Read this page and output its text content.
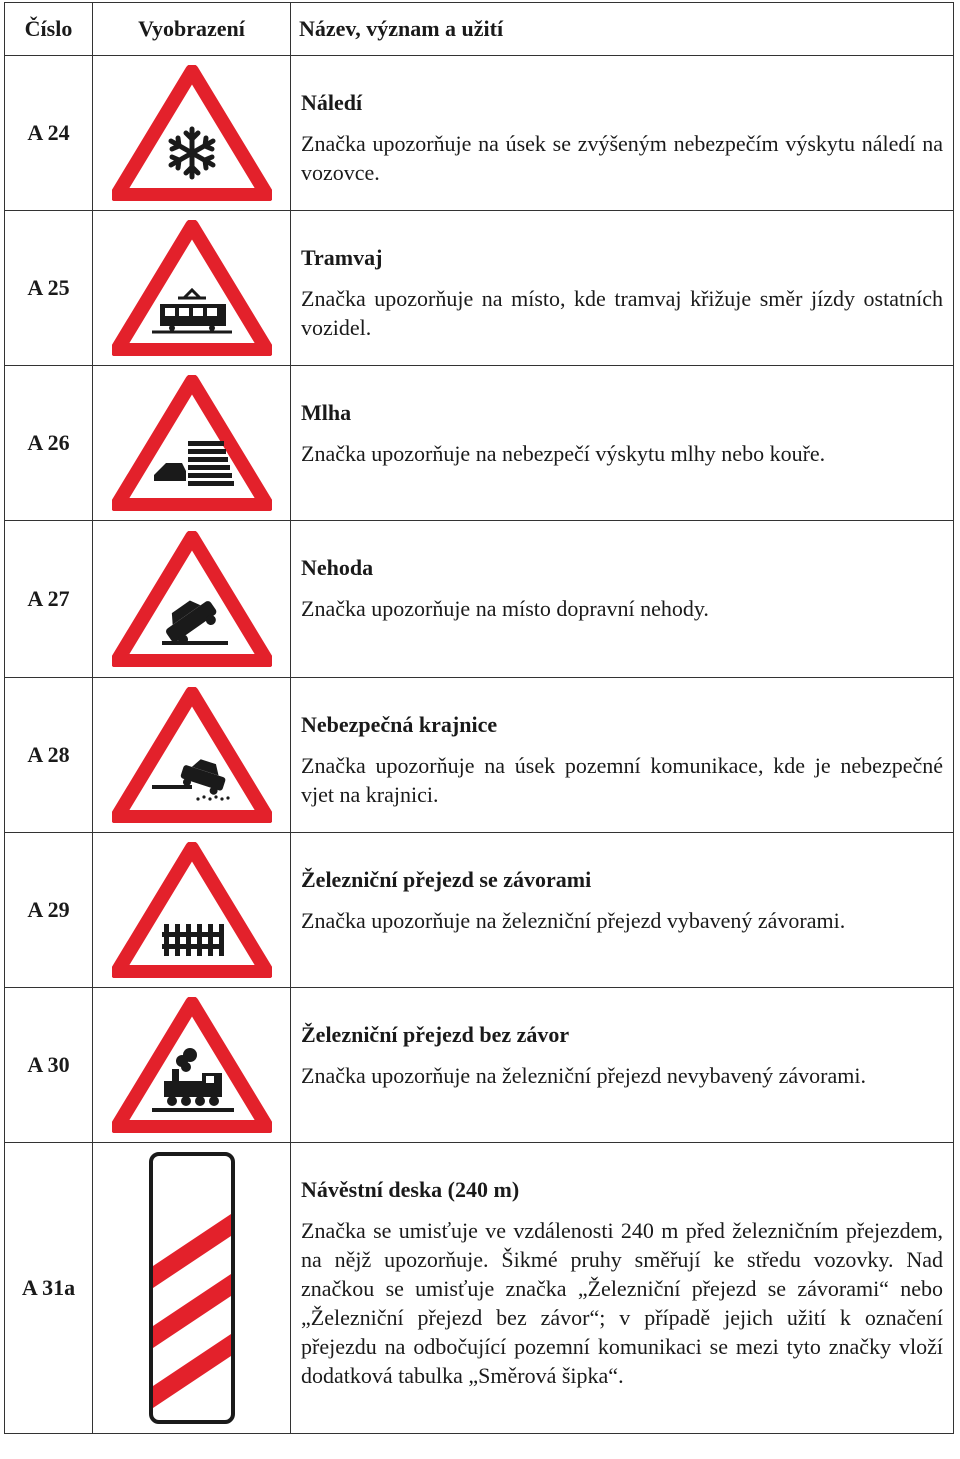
Číslo	Vyobrazení	Název, význam a užití
A 24		Náledí
Značka upozorňuje na úsek se zvýšeným nebezpečím výskytu náledí na vozovce.

A 25		Tramvaj
Značka upozorňuje na místo, kde tramvaj křižuje směr jízdy ostatních vozidel.

A 26		Mlha
Značka upozorňuje na nebezpečí výskytu mlhy nebo kouře.

A 27		Nehoda
Značka upozorňuje na místo dopravní nehody.

A 28		Nebezpečná krajnice
Značka upozorňuje na úsek pozemní komunikace, kde je nebezpečné vjet na krajnici.

A 29		Železniční přejezd se závorami
Značka upozorňuje na železniční přejezd vybavený závorami.

A 30		Železniční přejezd bez závor
Značka upozorňuje na železniční přejezd nevybavený závorami.

A 31a		Návěstní deska (240 m)
Značka se umisťuje ve vzdálenosti 240 m před železničním přejezdem, na nějž upozorňuje. Šikmé pruhy směřují ke středu vozovky. Nad značkou se umisťuje značka „Železniční přejezd se závorami“ nebo „Železniční přejezd bez závor“; v případě jejich užití k označení přejezdu na odbočující pozemní komunikaci se mezi tyto značky vloží dodatková tabulka „Směrová šipka“.
